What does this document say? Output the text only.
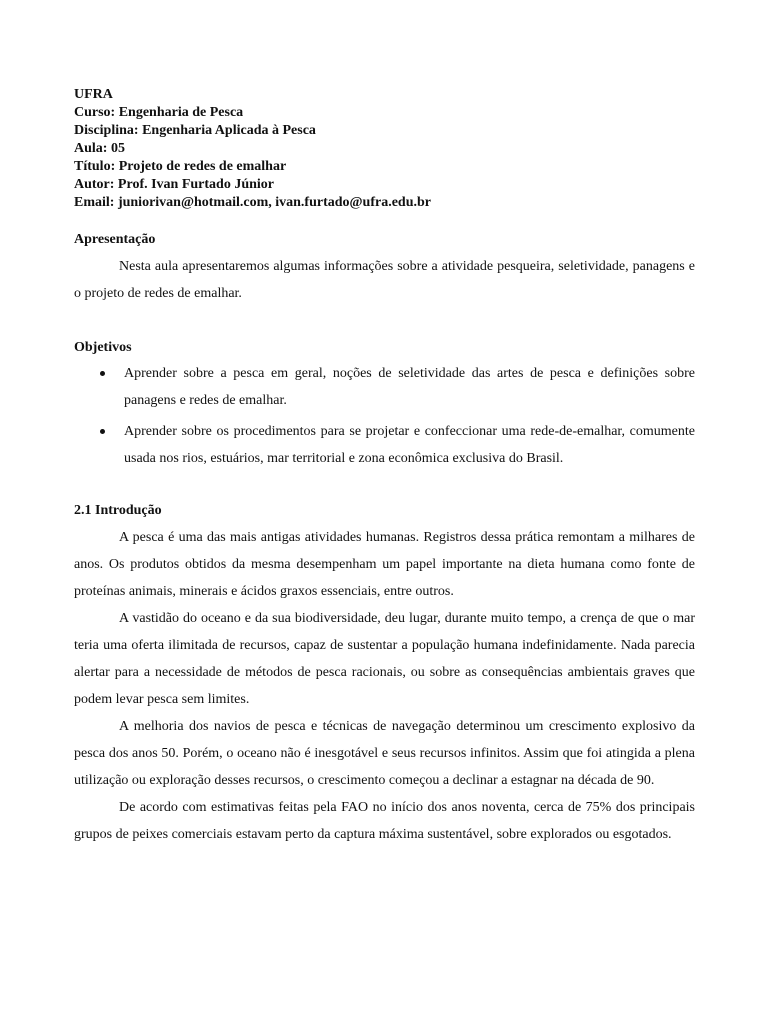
UFRA

Curso: Engenharia de Pesca

Disciplina: Engenharia Aplicada à Pesca

Aula: 05

Título: Projeto de redes de emalhar

Autor: Prof. Ivan Furtado Júnior

Email: juniorivan@hotmail.com, ivan.furtado@ufra.edu.br

Apresentação

Nesta aula apresentaremos algumas informações sobre a atividade pesqueira, seletividade, panagens e o projeto de redes de emalhar.

Objetivos

Aprender sobre a pesca em geral, noções de seletividade das artes de pesca e definições sobre panagens e redes de emalhar.
Aprender sobre os procedimentos para se projetar e confeccionar uma rede-de-emalhar, comumente usada nos rios, estuários, mar territorial e zona econômica exclusiva do Brasil.

2.1 Introdução

A pesca é uma das mais antigas atividades humanas. Registros dessa prática remontam a milhares de anos. Os produtos obtidos da mesma desempenham um papel importante na dieta humana como fonte de proteínas animais, minerais e ácidos graxos essenciais, entre outros.

A vastidão do oceano e da sua biodiversidade, deu lugar, durante muito tempo, a crença de que o mar teria uma oferta ilimitada de recursos, capaz de sustentar a população humana indefinidamente. Nada parecia alertar para a necessidade de métodos de pesca racionais, ou sobre as consequências ambientais graves que podem levar pesca sem limites.

A melhoria dos navios de pesca e técnicas de navegação determinou um crescimento explosivo da pesca dos anos 50. Porém, o oceano não é inesgotável e seus recursos infinitos. Assim que foi atingida a plena utilização ou exploração desses recursos, o crescimento começou a declinar a estagnar na década de 90.

De acordo com estimativas feitas pela FAO no início dos anos noventa, cerca de 75% dos principais grupos de peixes comerciais estavam perto da captura máxima sustentável, sobre explorados ou esgotados.
